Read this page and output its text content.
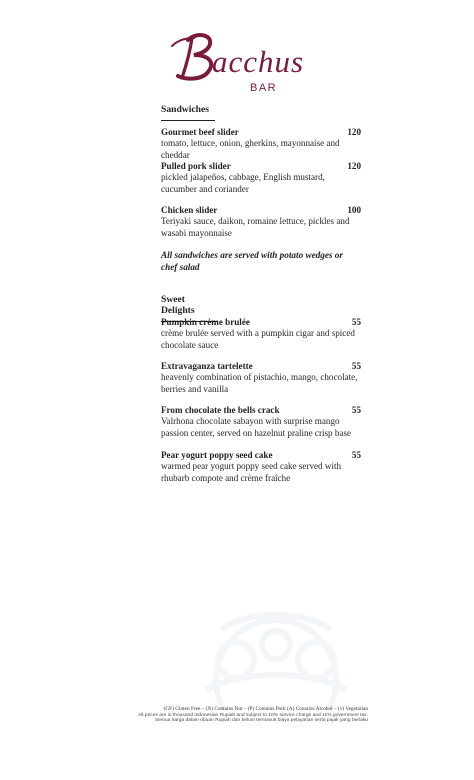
acchus
BAR
Sandwiches
Gourmet beef slider	120
tomato, lettuce, onion, gherkins, mayonnaise and cheddar
Pulled pork slider	120
pickled jalapeños, cabbage, English mustard, cucumber and coriander
Chicken slider	100
Teriyaki sauce, daikon, romaine lettuce, pickles and wasabi mayonnaise
All sandwiches are served with potato wedges or chef salad
Sweet Delights
Pumpkin crème brulée	55
crème brulée served with a pumpkin cigar and spiced chocolate sauce
Extravaganza tartelette	55
heavenly combination of pistachio, mango, chocolate, berries and vanilla
From chocolate the bells crack	55
Valrhona chocolate sabayon with surprise mango passion center, served on hazelnut praline crisp base
Pear yogurt poppy seed cake	55
warmed pear yogurt poppy seed cake served with rhubarb compote and crème fraîche
(GF) Gluten Free – (N) Contains Nut – (P) Contains Pork (A) Contains Alcohol – (v) Vegetarian
All prices are in thousand Indonesian Rupiah and subject to 10% service charge and 11% government tax.
Semua harga dalam ribuan Rupiah dan belum termasuk biaya pelayanan serta pajak yang berlaku
